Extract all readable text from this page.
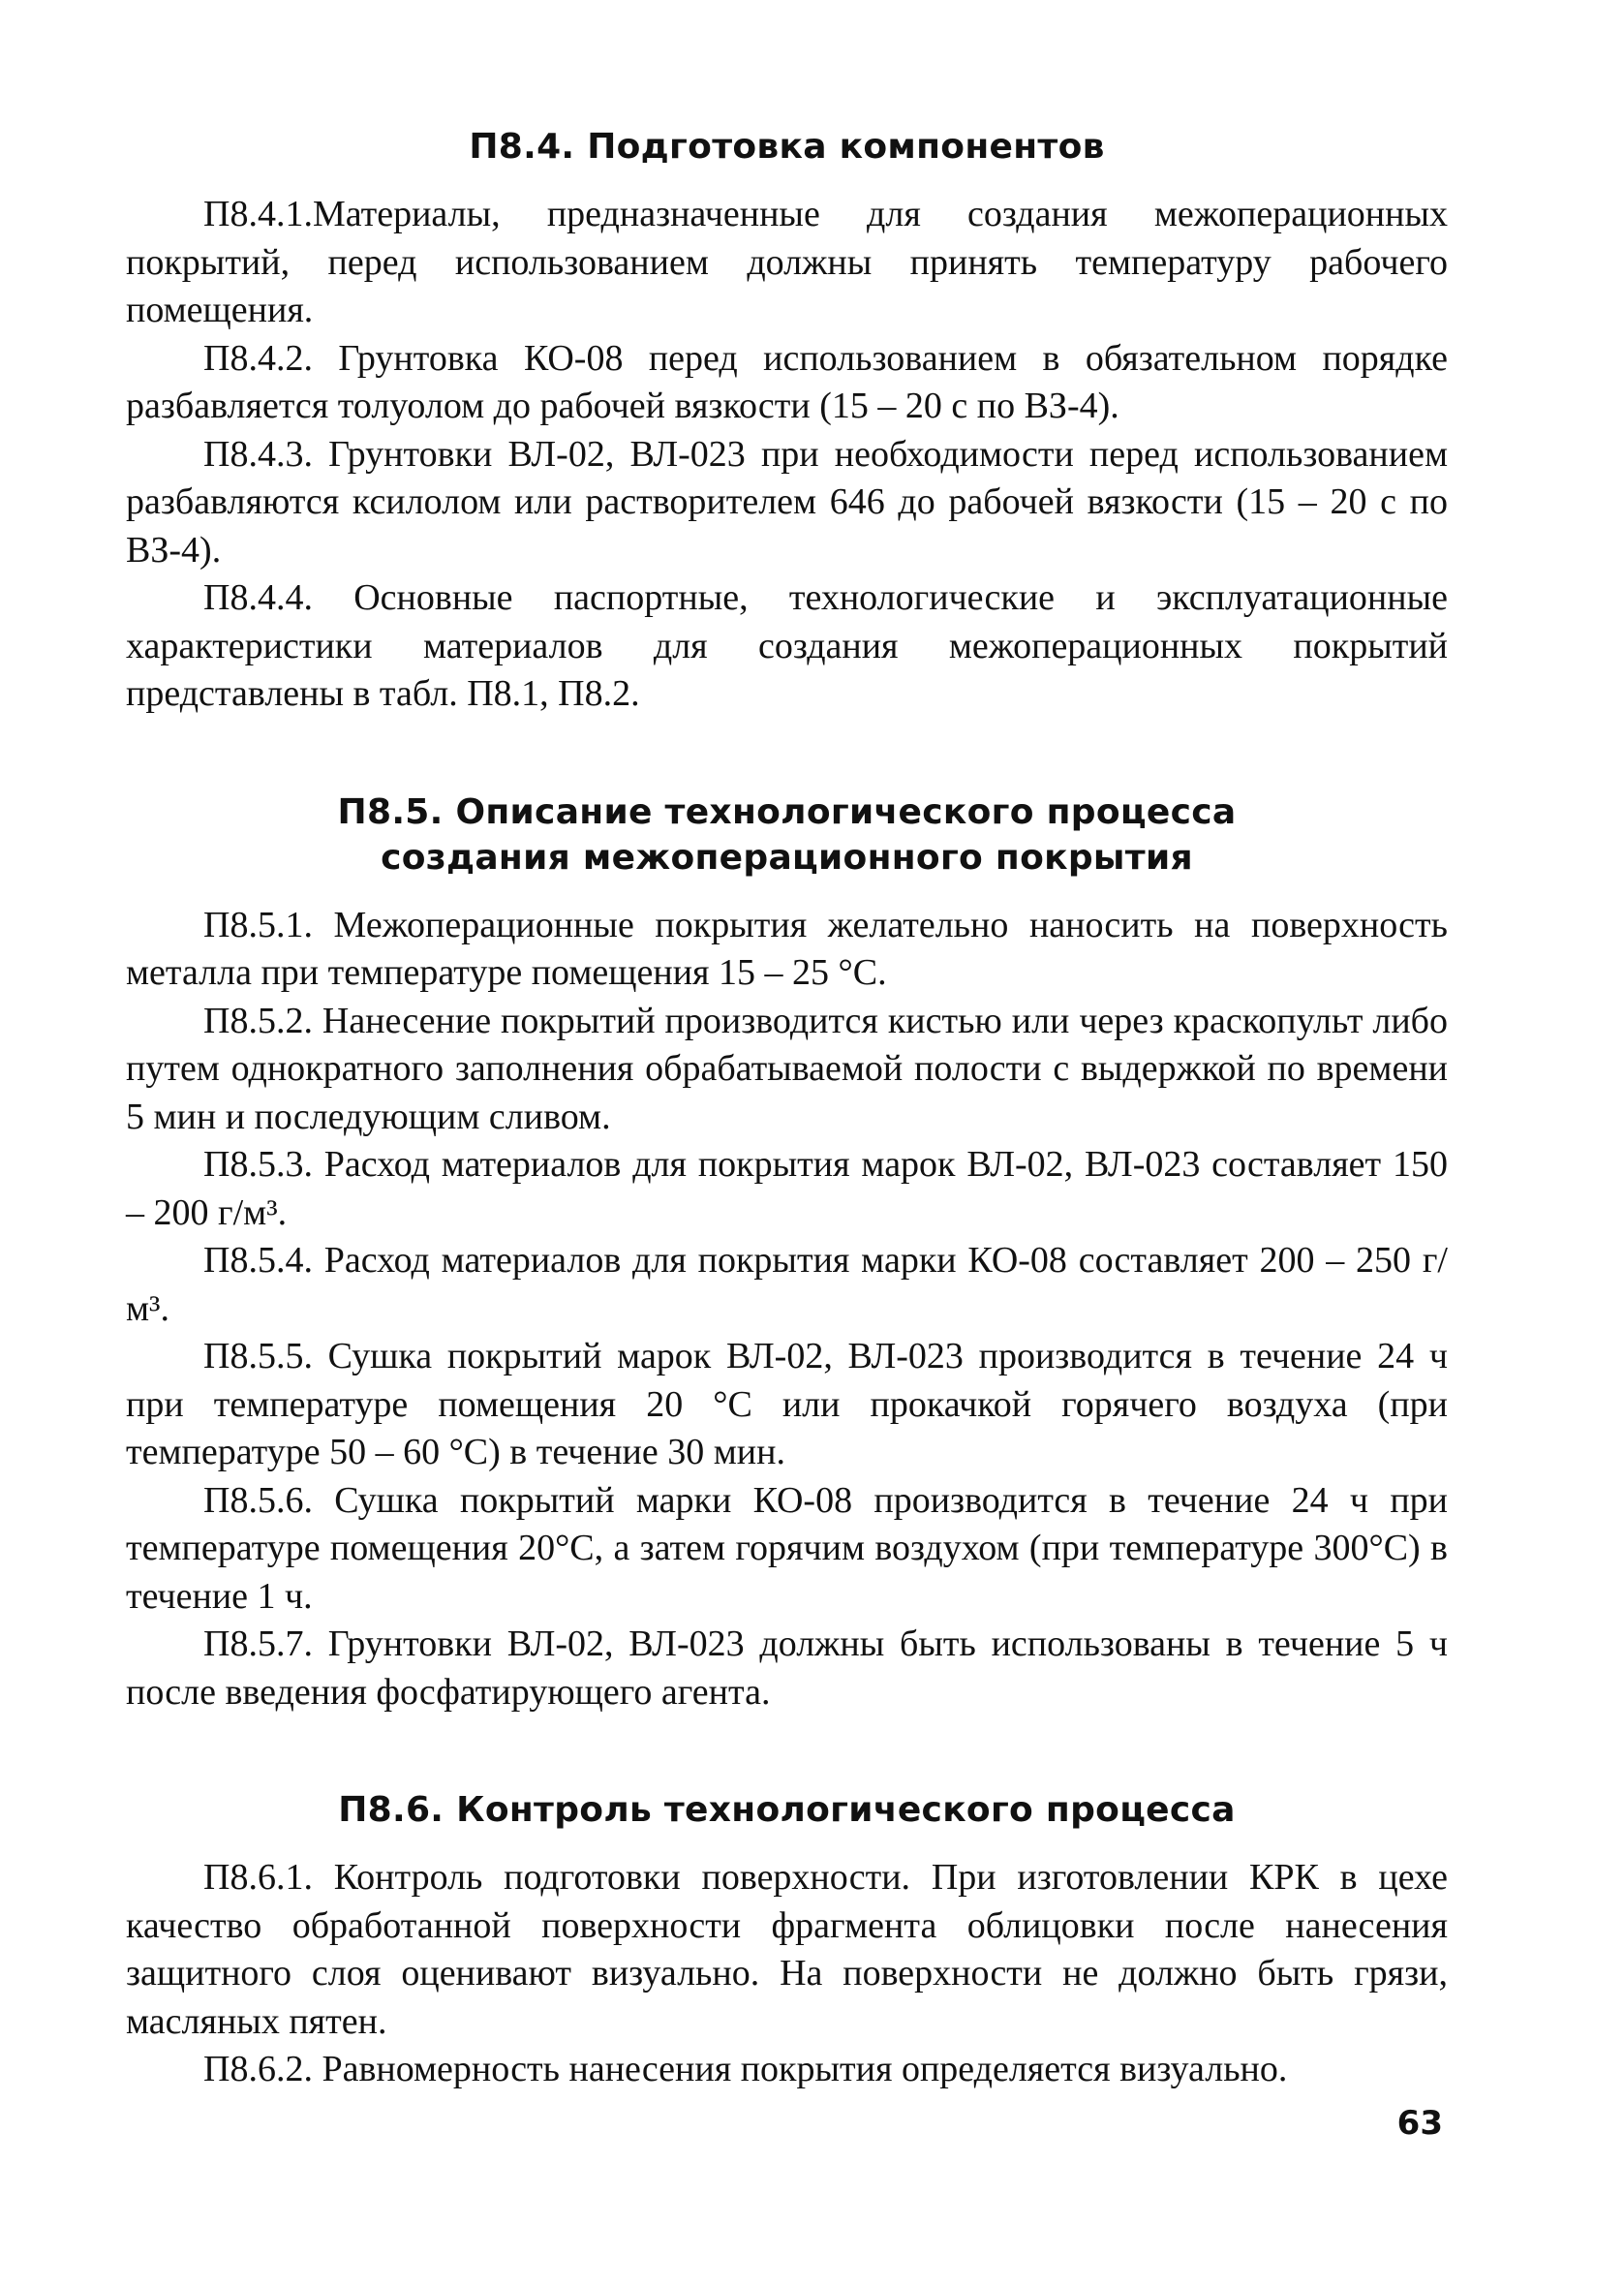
П8.4. Подготовка компонентов

П8.4.1.Материалы, предназначенные для создания межоперационных покрытий, перед использованием должны принять температуру рабочего помещения.

П8.4.2. Грунтовка КО-08 перед использованием в обязательном порядке разбавляется толуолом до рабочей вязкости (15 – 20 с по ВЗ-4).

П8.4.3. Грунтовки ВЛ-02, ВЛ-023 при необходимости перед использованием разбавляются ксилолом или растворителем 646 до рабочей вязкости (15 – 20 с по ВЗ-4).

П8.4.4. Основные паспортные, технологические и эксплуатационные характеристики материалов для создания межоперационных покрытий представлены в табл. П8.1, П8.2.

П8.5. Описание технологического процесса
создания межоперационного покрытия

П8.5.1. Межоперационные покрытия желательно наносить на поверхность металла при температуре помещения 15 – 25 °С.

П8.5.2. Нанесение покрытий производится кистью или через краскопульт либо путем однократного заполнения обрабатываемой полости с выдержкой по времени 5 мин и последующим сливом.

П8.5.3. Расход материалов для покрытия марок ВЛ-02, ВЛ-023 составляет 150 – 200 г/м³.

П8.5.4. Расход материалов для покрытия марки КО-08 составляет 200 – 250 г/м³.

П8.5.5. Сушка покрытий марок ВЛ-02, ВЛ-023 производится в течение 24 ч при температуре помещения 20 °С или прокачкой горячего воздуха (при температуре 50 – 60 °С) в течение 30 мин.

П8.5.6. Сушка покрытий марки КО-08 производится в течение 24 ч при температуре помещения 20°С, а затем горячим воздухом (при температуре 300°С) в течение 1 ч.

П8.5.7. Грунтовки ВЛ-02, ВЛ-023 должны быть использованы в течение 5 ч после введения фосфатирующего агента.

П8.6. Контроль технологического процесса

П8.6.1. Контроль подготовки поверхности. При изготовлении КРК в цехе качество обработанной поверхности фрагмента облицовки после нанесения защитного слоя оценивают визуально. На поверхности не должно быть грязи, масляных пятен.

П8.6.2. Равномерность нанесения покрытия определяется визуально.

63
